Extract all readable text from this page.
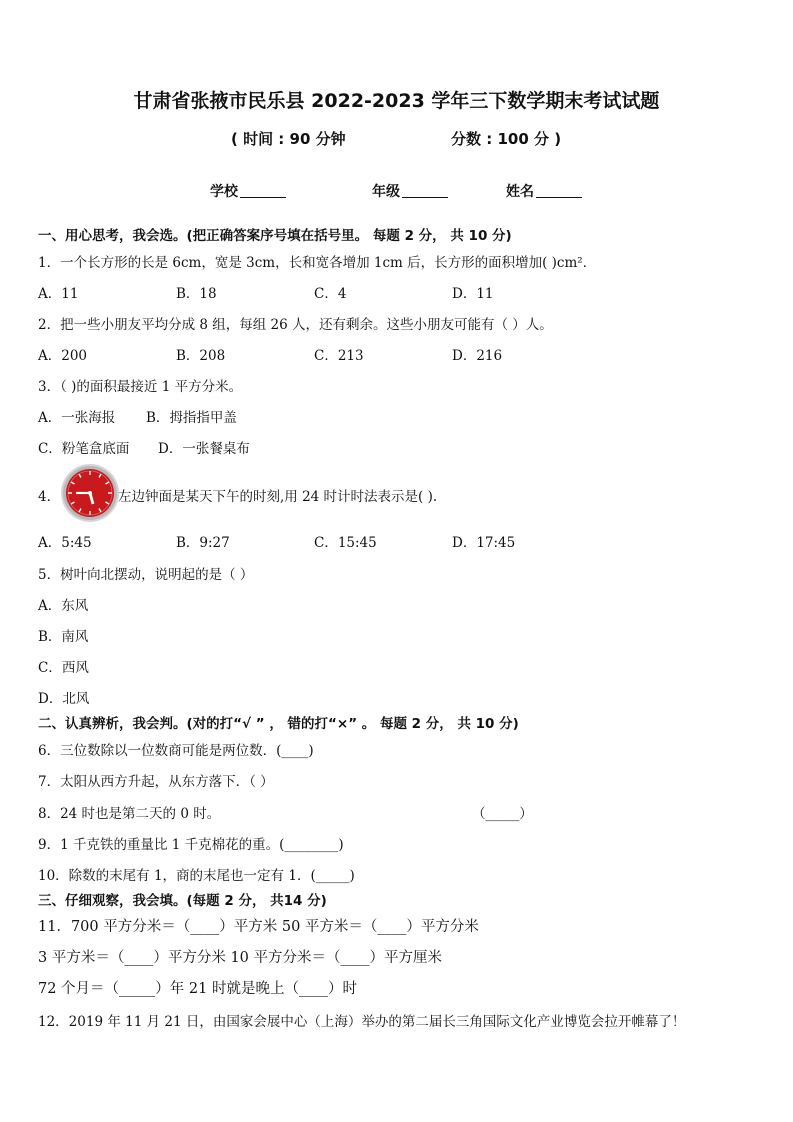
甘肃省张掖市民乐县 2022-2023 学年三下数学期末考试试题
( 时间 : 90 分钟	分数 : 100 分 )
学校	年级	姓名
一、用心思考，我会选。(把正确答案序号填在括号里。 每题 2 分， 共 10 分)
1．一个长方形的长是 6cm，宽是 3cm，长和宽各增加 1cm 后，长方形的面积增加( )cm²．
A．11	B．18	C．4	D．11
2．把一些小朋友平均分成 8 组，每组 26 人，还有剩余。这些小朋友可能有（ ）人。
A．200	B．208	C．213	D．216
3．（ )的面积最接近 1 平方分米。
A．一张海报 B．拇指指甲盖
C．粉笔盒底面 D．一张餐桌布
4．	左边钟面是某天下午的时刻,用 24 时计时法表示是( ).
A．5:45	B．9:27	C．15:45	D．17:45
5．树叶向北摆动，说明起的是（ ）
A．东风
B．南风
C．西风
D．北风
二、认真辨析，我会判。(对的打“√ ” ， 错的打“×” 。 每题 2 分， 共 10 分)
6．三位数除以一位数商可能是两位数．(____)
7．太阳从西方升起，从东方落下．（ ）
8．24 时也是第二天的 0 时。	（_____）
9．1 千克铁的重量比 1 千克棉花的重。(________)
10．除数的末尾有 1，商的末尾也一定有 1．(_____)
三、仔细观察，我会填。(每题 2 分， 共14 分)
11．700 平方分米＝（____）平方米 50 平方米＝（____）平方分米
3 平方米＝（____）平方分米 10 平方分米＝（____）平方厘米
72 个月＝（_____）年 21 时就是晚上（____）时
12．2019 年 11 月 21 日，由国家会展中心（上海）举办的第二届长三角国际文化产业博览会拉开帷幕了！
